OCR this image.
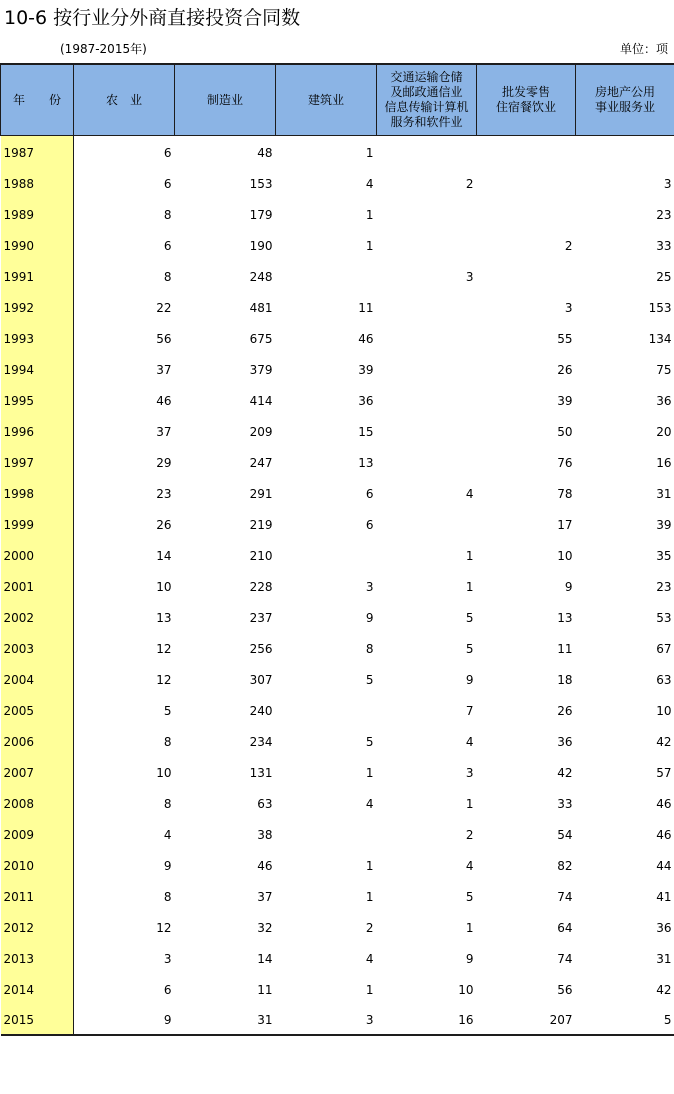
10-6 按行业分外商直接投资合同数
(1987-2015年)	单位：项
年　　份	农　业	制造业	建筑业	交通运输仓储
及邮政通信业
信息传输计算机
服务和软件业	批发零售
住宿餐饮业	房地产公用
事业服务业

1987	6	48	1			
1988	6	153	4	2		3
1989	8	179	1			23
1990	6	190	1		2	33
1991	8	248		3		25
1992	22	481	11		3	153
1993	56	675	46		55	134
1994	37	379	39		26	75
1995	46	414	36		39	36
1996	37	209	15		50	20
1997	29	247	13		76	16
1998	23	291	6	4	78	31
1999	26	219	6		17	39
2000	14	210		1	10	35
2001	10	228	3	1	9	23
2002	13	237	9	5	13	53
2003	12	256	8	5	11	67
2004	12	307	5	9	18	63
2005	5	240		7	26	10
2006	8	234	5	4	36	42
2007	10	131	1	3	42	57
2008	8	63	4	1	33	46
2009	4	38		2	54	46
2010	9	46	1	4	82	44
2011	8	37	1	5	74	41
2012	12	32	2	1	64	36
2013	3	14	4	9	74	31
2014	6	11	1	10	56	42
2015	9	31	3	16	207	5
